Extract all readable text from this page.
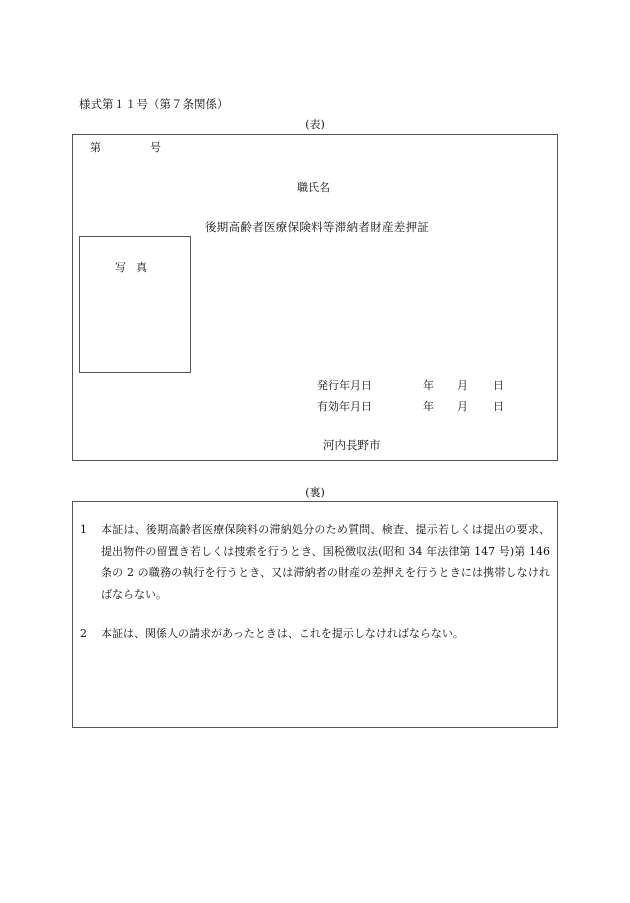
様式第１１号（第７条関係）
(表)
第	号
職氏名
後期高齢者医療保険料等滞納者財産差押証
写真
発行年月日	年 月 日
有効年月日	年 月 日
河内長野市
(裏)
1 本証は、後期高齢者医療保険料の滞納処分のため質問、検査、提示若しくは提出の要求、提出物件の留置き若しくは捜索を行うとき、国税徴収法(昭和 34 年法律第 147 号)第 146 条の 2 の職務の執行を行うとき、又は滞納者の財産の差押えを行うときには携帯しなければならない。
2 本証は、関係人の請求があったときは、これを提示しなければならない。
